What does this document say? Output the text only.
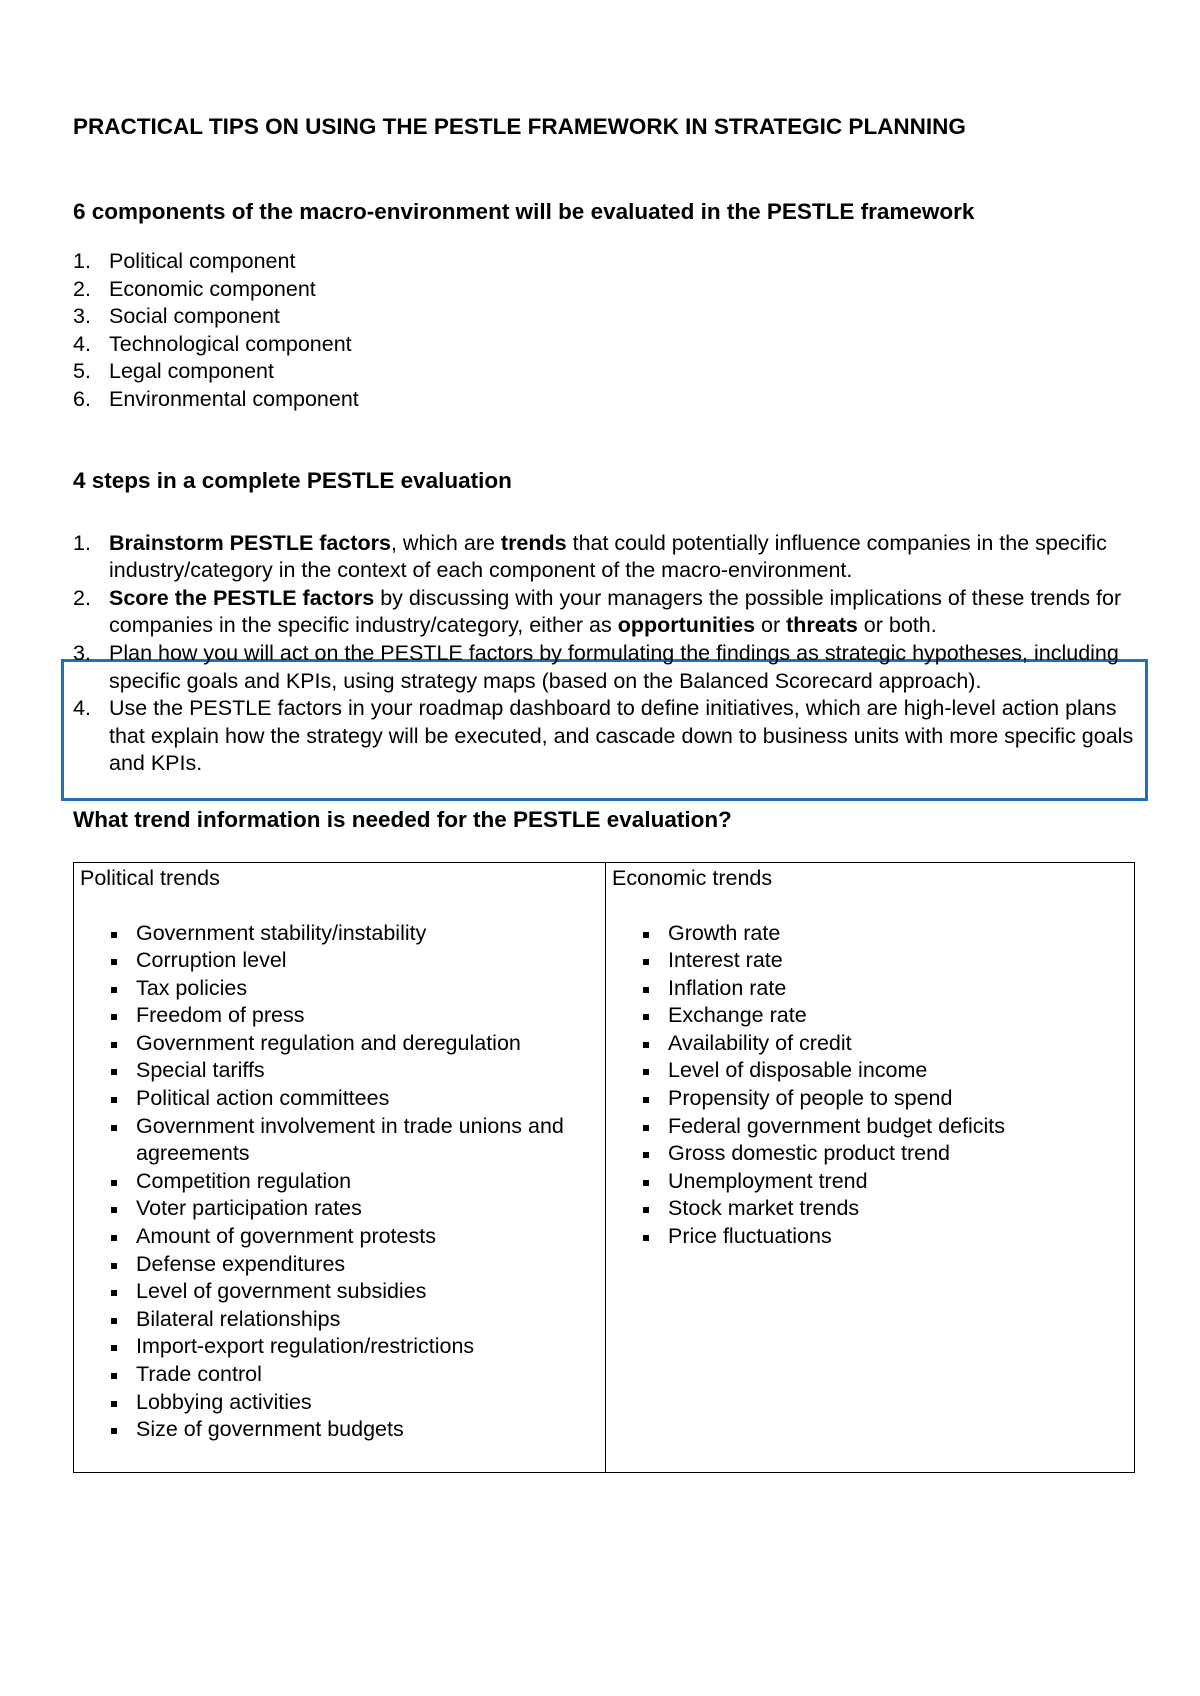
PRACTICAL TIPS ON USING THE PESTLE FRAMEWORK IN STRATEGIC PLANNING
6 components of the macro-environment will be evaluated in the PESTLE framework
1. Political component
2. Economic component
3. Social component
4. Technological component
5. Legal component
6. Environmental component
4 steps in a complete PESTLE evaluation
1. Brainstorm PESTLE factors, which are trends that could potentially influence companies in the specific industry/category in the context of each component of the macro-environment.
2. Score the PESTLE factors by discussing with your managers the possible implications of these trends for companies in the specific industry/category, either as opportunities or threats or both.
3. Plan how you will act on the PESTLE factors by formulating the findings as strategic hypotheses, including specific goals and KPIs, using strategy maps (based on the Balanced Scorecard approach).
4. Use the PESTLE factors in your roadmap dashboard to define initiatives, which are high-level action plans that explain how the strategy will be executed, and cascade down to business units with more specific goals and KPIs.
What trend information is needed for the PESTLE evaluation?

Political trends

Government stability/instability
Corruption level
Tax policies
Freedom of press
Government regulation and deregulation
Special tariffs
Political action committees
Government involvement in trade unions and agreements
Competition regulation
Voter participation rates
Amount of government protests
Defense expenditures
Level of government subsidies
Bilateral relationships
Import-export regulation/restrictions
Trade control
Lobbying activities
Size of government budgets

Economic trends

Growth rate
Interest rate
Inflation rate
Exchange rate
Availability of credit
Level of disposable income
Propensity of people to spend
Federal government budget deficits
Gross domestic product trend
Unemployment trend
Stock market trends
Price fluctuations
